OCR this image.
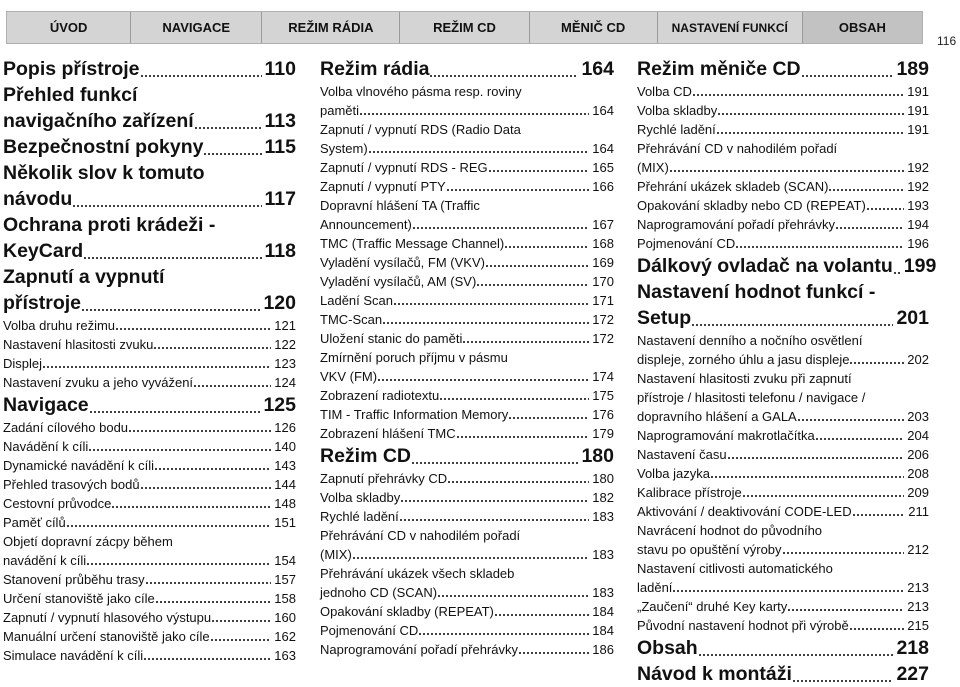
ÚVOD	NAVIGACE	REŽIM RÁDIA	REŽIM CD	MĚNIČ CD	NASTAVENÍ FUNKCÍ	OBSAH
116
Popis přístroje	110
Přehled funkcí
navigačního zařízení	113
Bezpečnostní pokyny	115
Několik slov k tomuto
návodu	117
Ochrana proti krádeži -
KeyCard	118
Zapnutí a vypnutí
přístroje	120
Volba druhu režimu	121
Nastavení hlasitosti zvuku	122
Displej	123
Nastavení zvuku a jeho vyvážení	124
Navigace	125
Zadání cílového bodu	126
Navádění k cíli	140
Dynamické navádění k cíli	143
Přehled trasových bodů	144
Cestovní průvodce	148
Paměť cílů	151
Objetí dopravní zácpy během
navádění k cíli	154
Stanovení průběhu trasy	157
Určení stanoviště jako cíle	158
Zapnutí / vypnutí hlasového výstupu	160
Manuální určení stanoviště jako cíle	162
Simulace navádění k cíli	163
Režim rádia	164
Volba vlnového pásma resp. roviny
paměti	164
Zapnutí / vypnutí RDS (Radio Data
System)	164
Zapnutí / vypnutí RDS - REG	165
Zapnutí / vypnutí PTY	166
Dopravní hlášení TA (Traffic
Announcement)	167
TMC (Traffic Message Channel)	168
Vyladění vysílačů, FM (VKV)	169
Vyladění vysílačů, AM (SV)	170
Ladění Scan	171
TMC-Scan	172
Uložení stanic do paměti	172
Zmírnění poruch příjmu v pásmu
VKV (FM)	174
Zobrazení radiotextu	175
TIM - Traffic Information Memory	176
Zobrazení hlášení TMC	179
Režim CD	180
Zapnutí přehrávky CD	180
Volba skladby	182
Rychlé ladění	183
Přehrávání CD v nahodilém pořadí
(MIX)	183
Přehrávání ukázek všech skladeb
jednoho CD (SCAN)	183
Opakování skladby (REPEAT)	184
Pojmenování CD	184
Naprogramování pořadí přehrávky	186
Režim měniče CD	189
Volba CD	191
Volba skladby	191
Rychlé ladění	191
Přehrávání CD v nahodilém pořadí
(MIX)	192
Přehrání ukázek skladeb (SCAN)	192
Opakování skladby nebo CD (REPEAT)	193
Naprogramování pořadí přehrávky	194
Pojmenování CD	196
Dálkový ovladač na volantu 199
Nastavení hodnot funkcí -
Setup	201
Nastavení denního a nočního osvětlení
displeje, zorného úhlu a jasu displeje	202
Nastavení hlasitosti zvuku při zapnutí
přístroje / hlasitosti telefonu / navigace /
dopravního hlášení a GALA	203
Naprogramování makrotlačítka	204
Nastavení času	206
Volba jazyka	208
Kalibrace přístroje	209
Aktivování / deaktivování CODE-LED	211
Navrácení hodnot do původního
stavu po opuštění výroby	212
Nastavení citlivosti automatického
ladění	213
„Zaučení“ druhé Key karty	213
Původní nastavení hodnot při výrobě	215
Obsah	218
Návod k montáži	227
